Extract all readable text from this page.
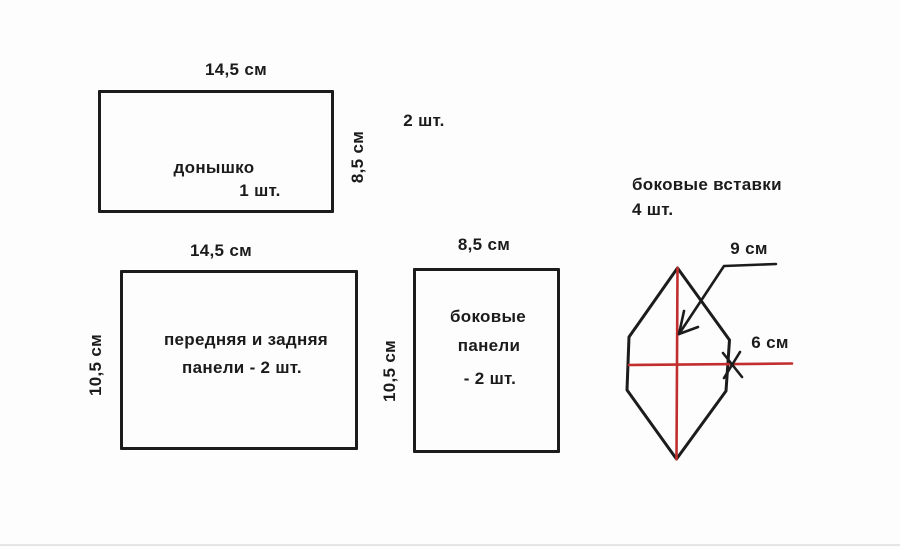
14,5 см
донышко
1 шт.
8,5 см
2 шт.
14,5 см
10,5 см	передняя и задняя
панели - 2 шт.
8,5 см
10,5 см
боковые
панели
- 2 шт.
боковые вставки
4 шт.
9 см
6 см
